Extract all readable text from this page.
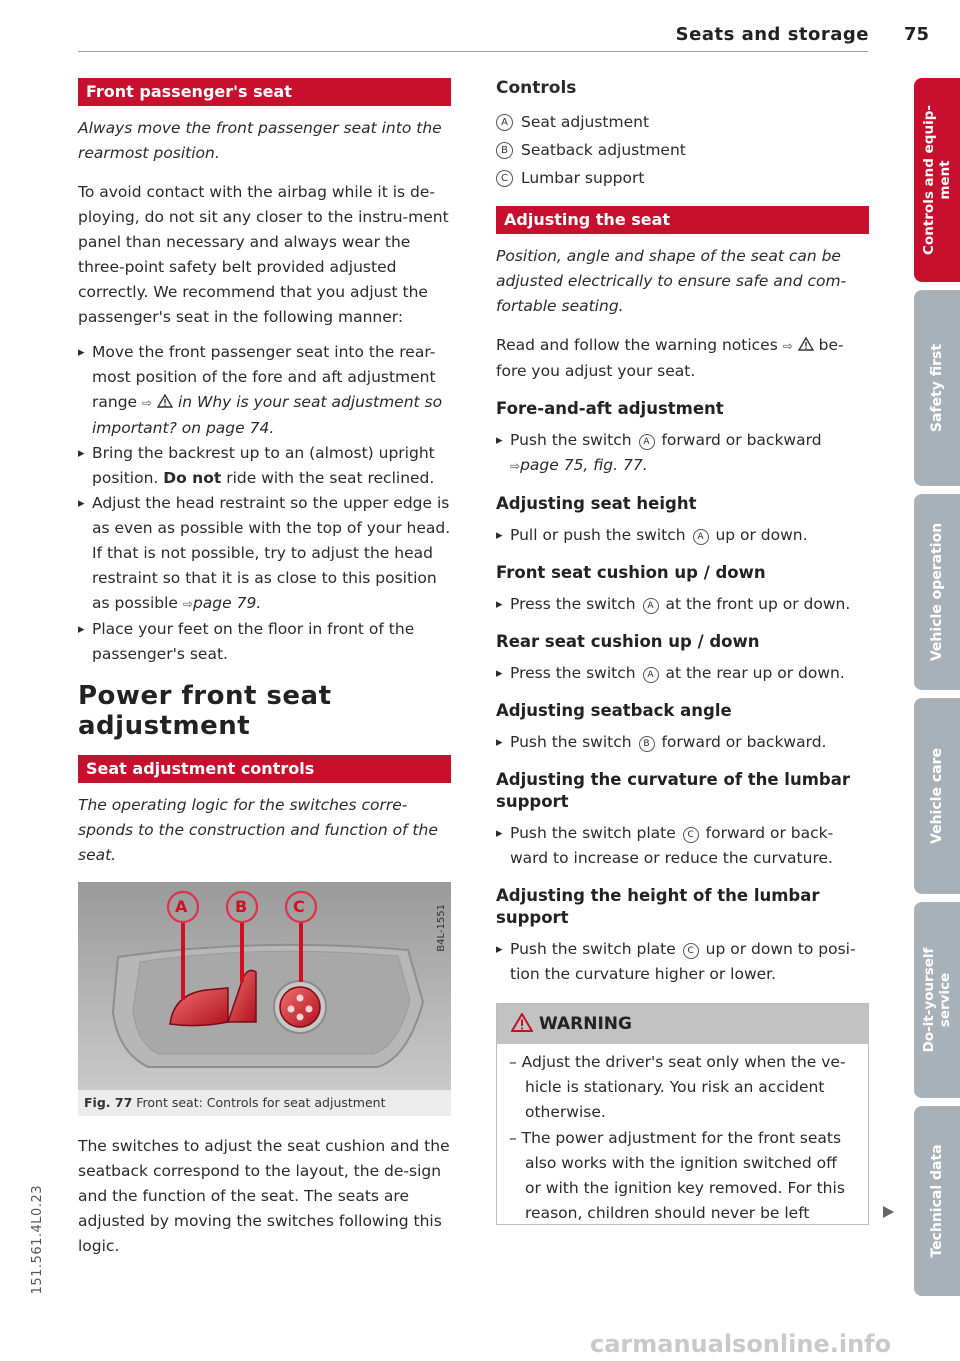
Seats and storage 75
Front passenger's seat

Always move the front passenger seat into the rearmost position.

To avoid contact with the airbag while it is de-ploying, do not sit any closer to the instru-ment panel than necessary and always wear the three-point safety belt provided adjusted correctly. We recommend that you adjust the passenger's seat in the following manner:

▸ Move the front passenger seat into the rear-most position of the fore and aft adjustment range ⇨ in Why is your seat adjustment so important? on page 74.
▸ Bring the backrest up to an (almost) upright position. Do not ride with the seat reclined.
▸ Adjust the head restraint so the upper edge is as even as possible with the top of your head. If that is not possible, try to adjust the head restraint so that it is as close to this position as possible ⇨page 79.
▸ Place your feet on the floor in front of the passenger's seat.
Power front seat adjustment
Seat adjustment controls

The operating logic for the switches corre-sponds to the construction and function of the seat.

A	B	C	B4L-1551
Fig. 77 Front seat: Controls for seat adjustment

The switches to adjust the seat cushion and the seatback correspond to the layout, the de-sign and the function of the seat. The seats are adjusted by moving the switches following this logic.

Controls
A Seat adjustment
B Seatback adjustment
C Lumbar support
Adjusting the seat

Position, angle and shape of the seat can be adjusted electrically to ensure safe and com-fortable seating.

Read and follow the warning notices ⇨ be-fore you adjust your seat.

Fore-and-aft adjustment
▸ Push the switch A forward or backward
⇨page 75, fig. 77.
Adjusting seat height
▸ Pull or push the switch A up or down.
Front seat cushion up / down
▸ Press the switch A at the front up or down.
Rear seat cushion up / down
▸ Press the switch A at the rear up or down.
Adjusting seatback angle
▸ Push the switch B forward or backward.
Adjusting the curvature of the lumbar support
▸ Push the switch plate C forward or back-ward to increase or reduce the curvature.
Adjusting the height of the lumbar support
▸ Push the switch plate C up or down to posi-tion the curvature higher or lower.
WARNING
– Adjust the driver's seat only when the ve-hicle is stationary. You risk an accident otherwise.
– The power adjustment for the front seats also works with the ignition switched off or with the ignition key removed. For this reason, children should never be left
Controls and equip-ment
Safety first
Vehicle operation
Vehicle care
Do-it-yourself service
Technical data
151.561.4L0.23
carmanualsonline.info
